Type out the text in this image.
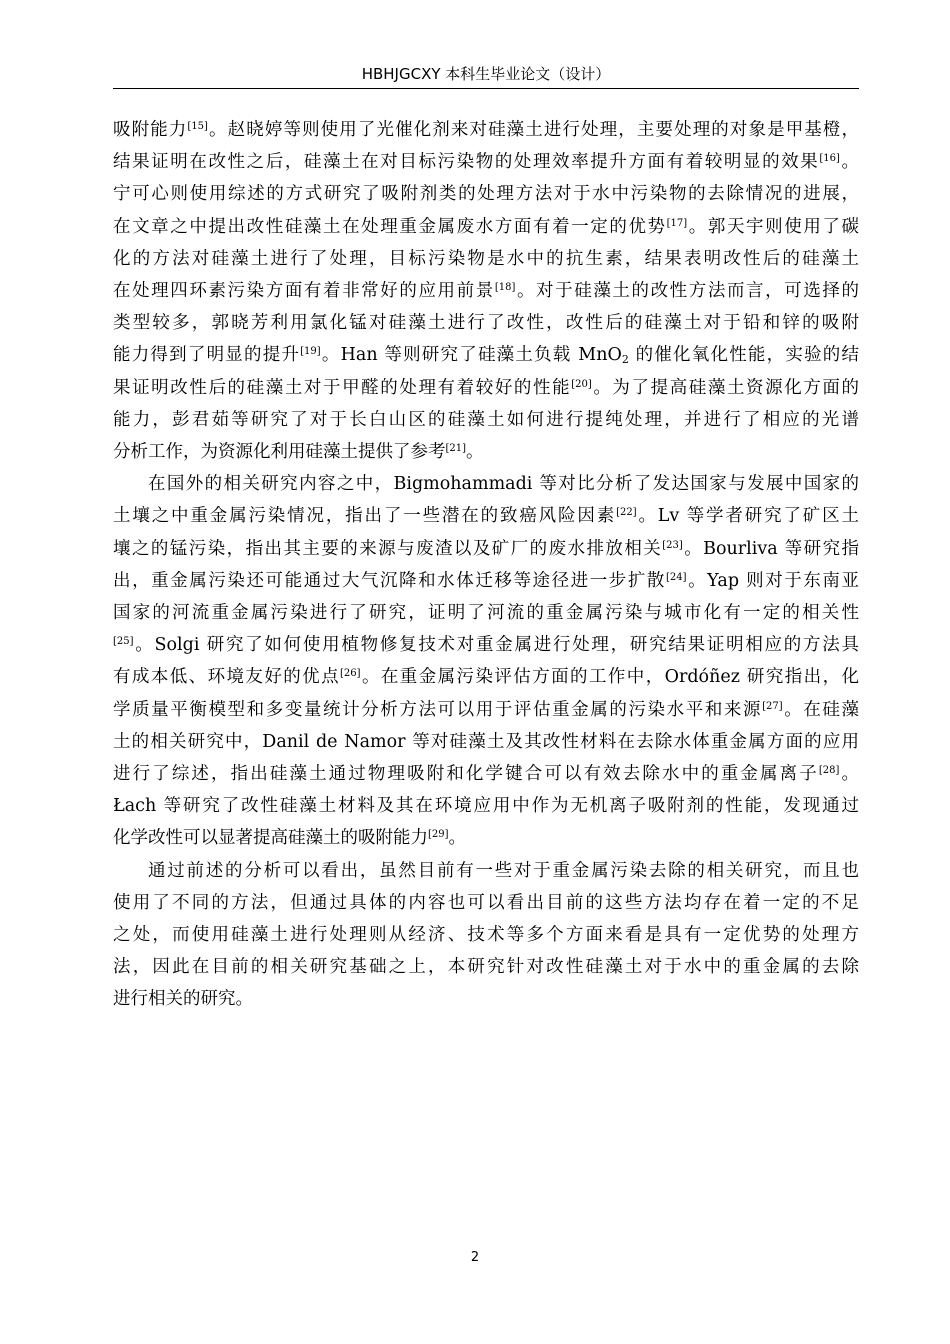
HBHJGCXY 本科生毕业论文（设计）
吸附能力[15]。赵晓婷等则使用了光催化剂来对硅藻土进行处理，主要处理的对象是甲基橙，
结果证明在改性之后，硅藻土在对目标污染物的处理效率提升方面有着较明显的效果[16]。
宁可心则使用综述的方式研究了吸附剂类的处理方法对于水中污染物的去除情况的进展，
在文章之中提出改性硅藻土在处理重金属废水方面有着一定的优势[17]。郭天宇则使用了碳
化的方法对硅藻土进行了处理，目标污染物是水中的抗生素，结果表明改性后的硅藻土
在处理四环素污染方面有着非常好的应用前景[18]。对于硅藻土的改性方法而言，可选择的
类型较多，郭晓芳利用氯化锰对硅藻土进行了改性，改性后的硅藻土对于铅和锌的吸附
能力得到了明显的提升[19]。Han 等则研究了硅藻土负载 MnO$_2$ 的催化氧化性能，实验的结
果证明改性后的硅藻土对于甲醛的处理有着较好的性能[20]。为了提高硅藻土资源化方面的
能力，彭君茹等研究了对于长白山区的硅藻土如何进行提纯处理，并进行了相应的光谱
分析工作，为资源化利用硅藻土提供了参考[21]。
在国外的相关研究内容之中，Bigmohammadi 等对比分析了发达国家与发展中国家的
土壤之中重金属污染情况，指出了一些潜在的致癌风险因素[22]。Lv 等学者研究了矿区土
壤之的锰污染，指出其主要的来源与废渣以及矿厂的废水排放相关[23]。Bourliva 等研究指
出，重金属污染还可能通过大气沉降和水体迁移等途径进一步扩散[24]。Yap 则对于东南亚
国家的河流重金属污染进行了研究，证明了河流的重金属污染与城市化有一定的相关性
[25]。Solgi 研究了如何使用植物修复技术对重金属进行处理，研究结果证明相应的方法具
有成本低、环境友好的优点[26]。在重金属污染评估方面的工作中，Ordóñez 研究指出，化
学质量平衡模型和多变量统计分析方法可以用于评估重金属的污染水平和来源[27]。在硅藻
土的相关研究中，Danil de Namor 等对硅藻土及其改性材料在去除水体重金属方面的应用
进行了综述，指出硅藻土通过物理吸附和化学键合可以有效去除水中的重金属离子[28]。
Łach 等研究了改性硅藻土材料及其在环境应用中作为无机离子吸附剂的性能，发现通过
化学改性可以显著提高硅藻土的吸附能力[29]。
通过前述的分析可以看出，虽然目前有一些对于重金属污染去除的相关研究，而且也
使用了不同的方法，但通过具体的内容也可以看出目前的这些方法均存在着一定的不足
之处，而使用硅藻土进行处理则从经济、技术等多个方面来看是具有一定优势的处理方
法，因此在目前的相关研究基础之上，本研究针对改性硅藻土对于水中的重金属的去除
进行相关的研究。
2
